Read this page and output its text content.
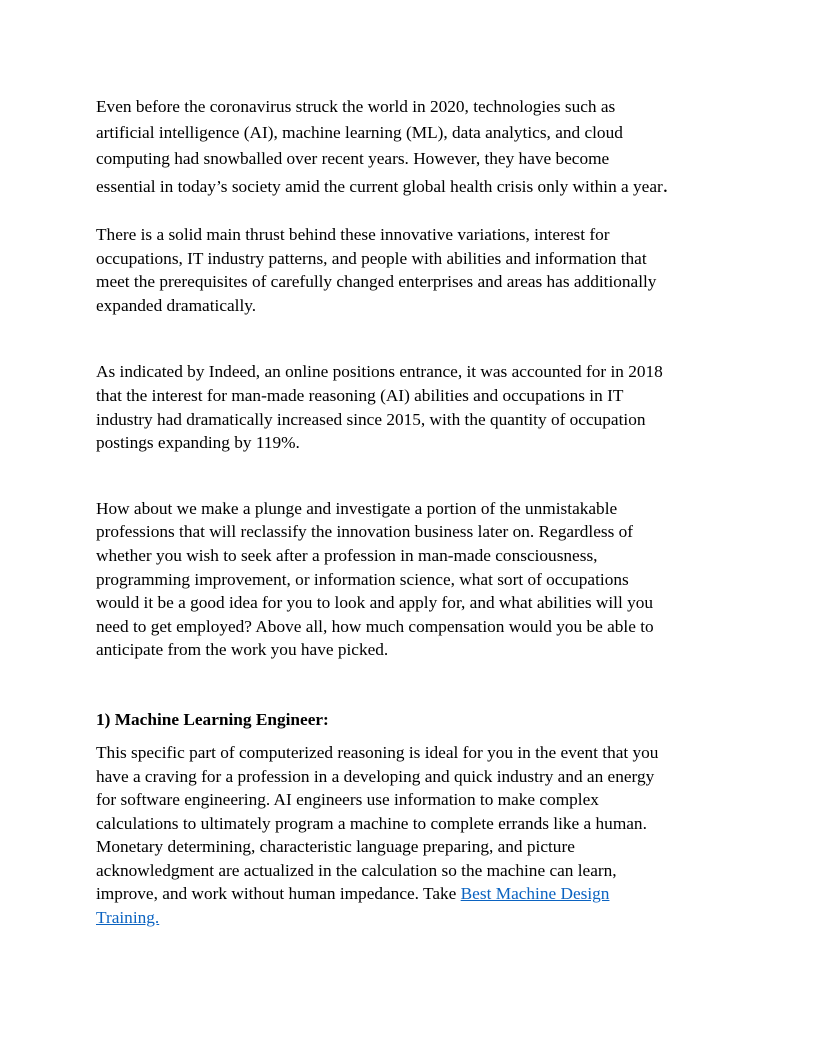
Even before the coronavirus struck the world in 2020, technologies such as
artificial intelligence (AI), machine learning (ML), data analytics, and cloud
computing had snowballed over recent years. However, they have become
essential in today’s society amid the current global health crisis only within a year.

There is a solid main thrust behind these innovative variations, interest for
occupations, IT industry patterns, and people with abilities and information that
meet the prerequisites of carefully changed enterprises and areas has additionally
expanded dramatically.

As indicated by Indeed, an online positions entrance, it was accounted for in 2018
that the interest for man-made reasoning (AI) abilities and occupations in IT
industry had dramatically increased since 2015, with the quantity of occupation
postings expanding by 119%.

How about we make a plunge and investigate a portion of the unmistakable
professions that will reclassify the innovation business later on. Regardless of
whether you wish to seek after a profession in man-made consciousness,
programming improvement, or information science, what sort of occupations
would it be a good idea for you to look and apply for, and what abilities will you
need to get employed? Above all, how much compensation would you be able to
anticipate from the work you have picked.

1) Machine Learning Engineer:

This specific part of computerized reasoning is ideal for you in the event that you
have a craving for a profession in a developing and quick industry and an energy
for software engineering. AI engineers use information to make complex
calculations to ultimately program a machine to complete errands like a human.
Monetary determining, characteristic language preparing, and picture
acknowledgment are actualized in the calculation so the machine can learn,
improve, and work without human impedance. Take Best Machine Design
Training.
